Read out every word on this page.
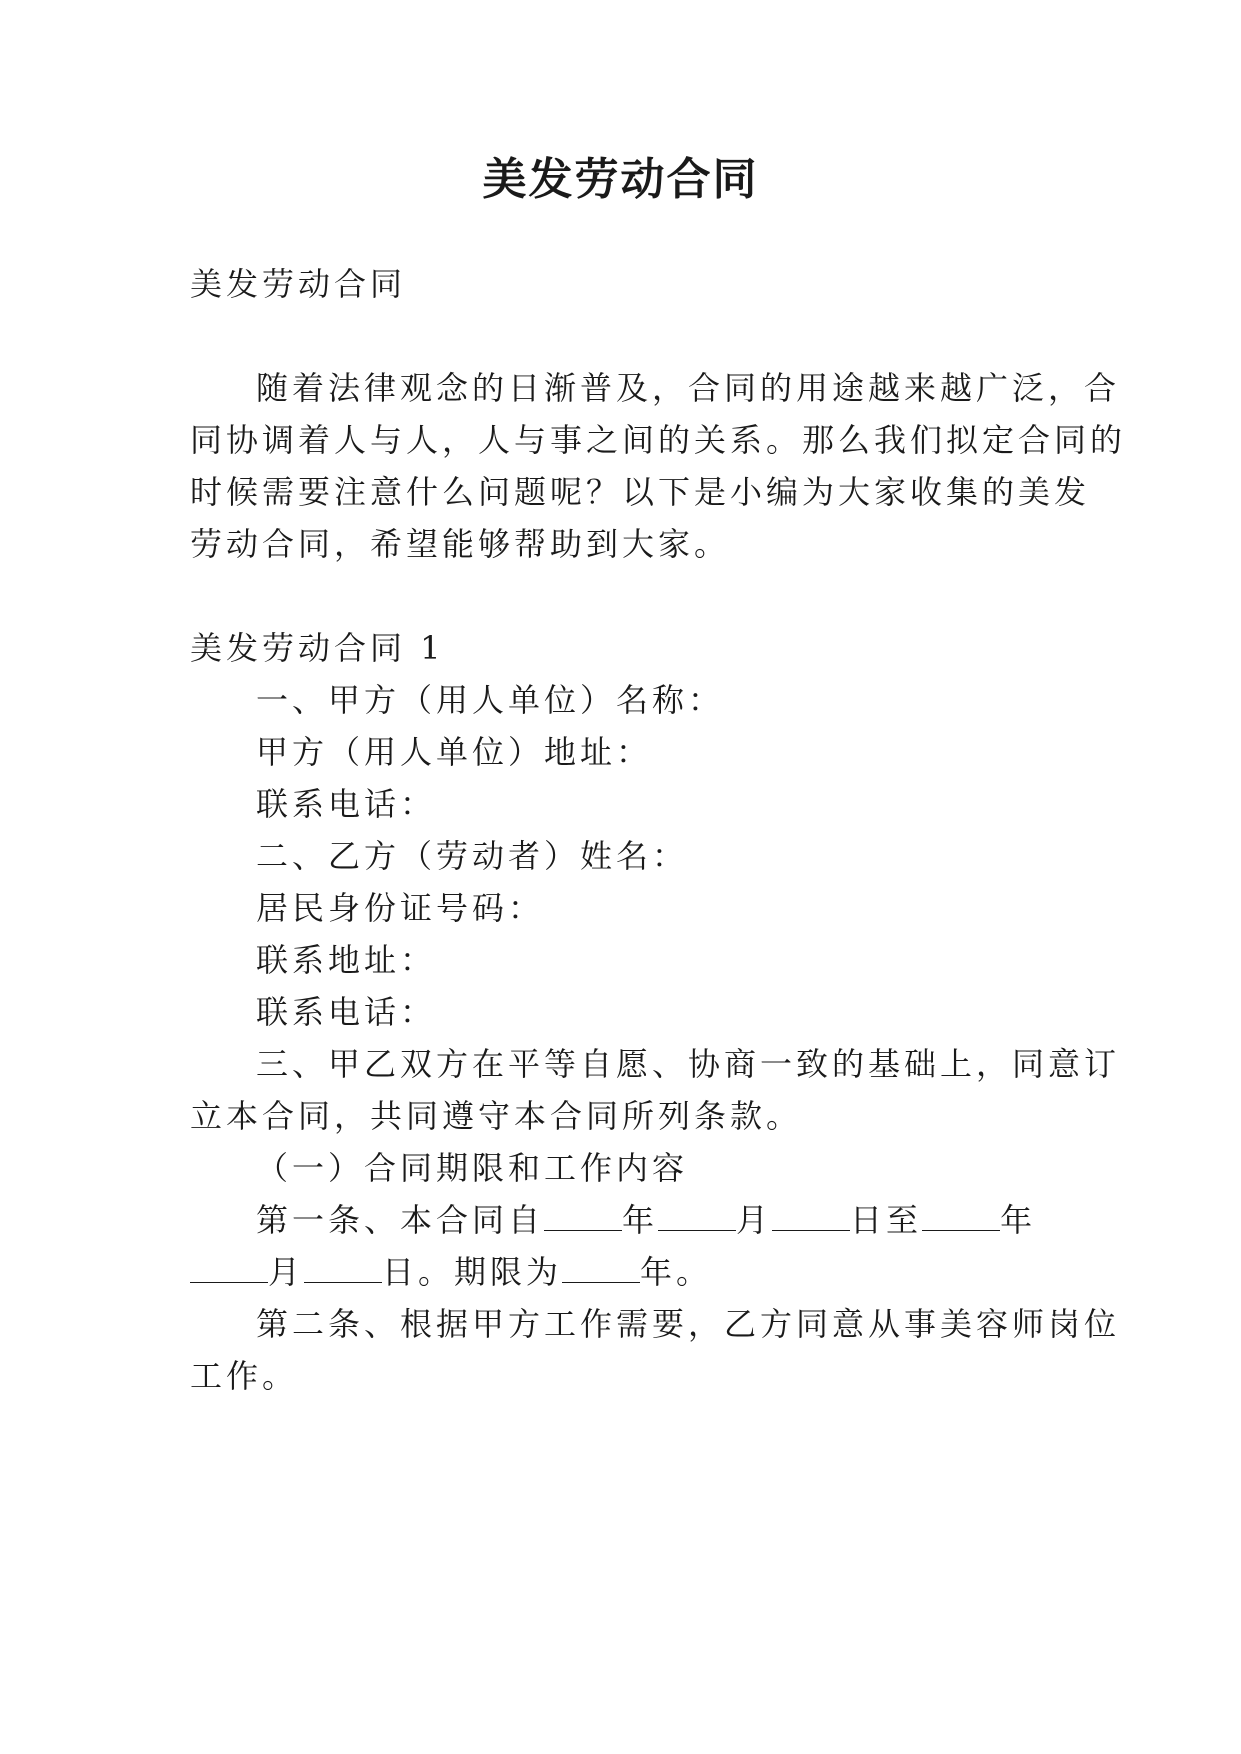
美发劳动合同
美发劳动合同
随着法律观念的日渐普及，合同的用途越来越广泛，合
同协调着人与人，人与事之间的关系。那么我们拟定合同的
时候需要注意什么问题呢？以下是小编为大家收集的美发
劳动合同，希望能够帮助到大家。
美发劳动合同 1
一、甲方（用人单位）名称：
甲方（用人单位）地址：
联系电话：
二、乙方（劳动者）姓名：
居民身份证号码：
联系地址：
联系电话：
三、甲乙双方在平等自愿、协商一致的基础上，同意订
立本合同，共同遵守本合同所列条款。
（一）合同期限和工作内容
第一条、本合同自 年 月 日至 年
月 日。期限为 年。
第二条、根据甲方工作需要，乙方同意从事美容师岗位
工作。
